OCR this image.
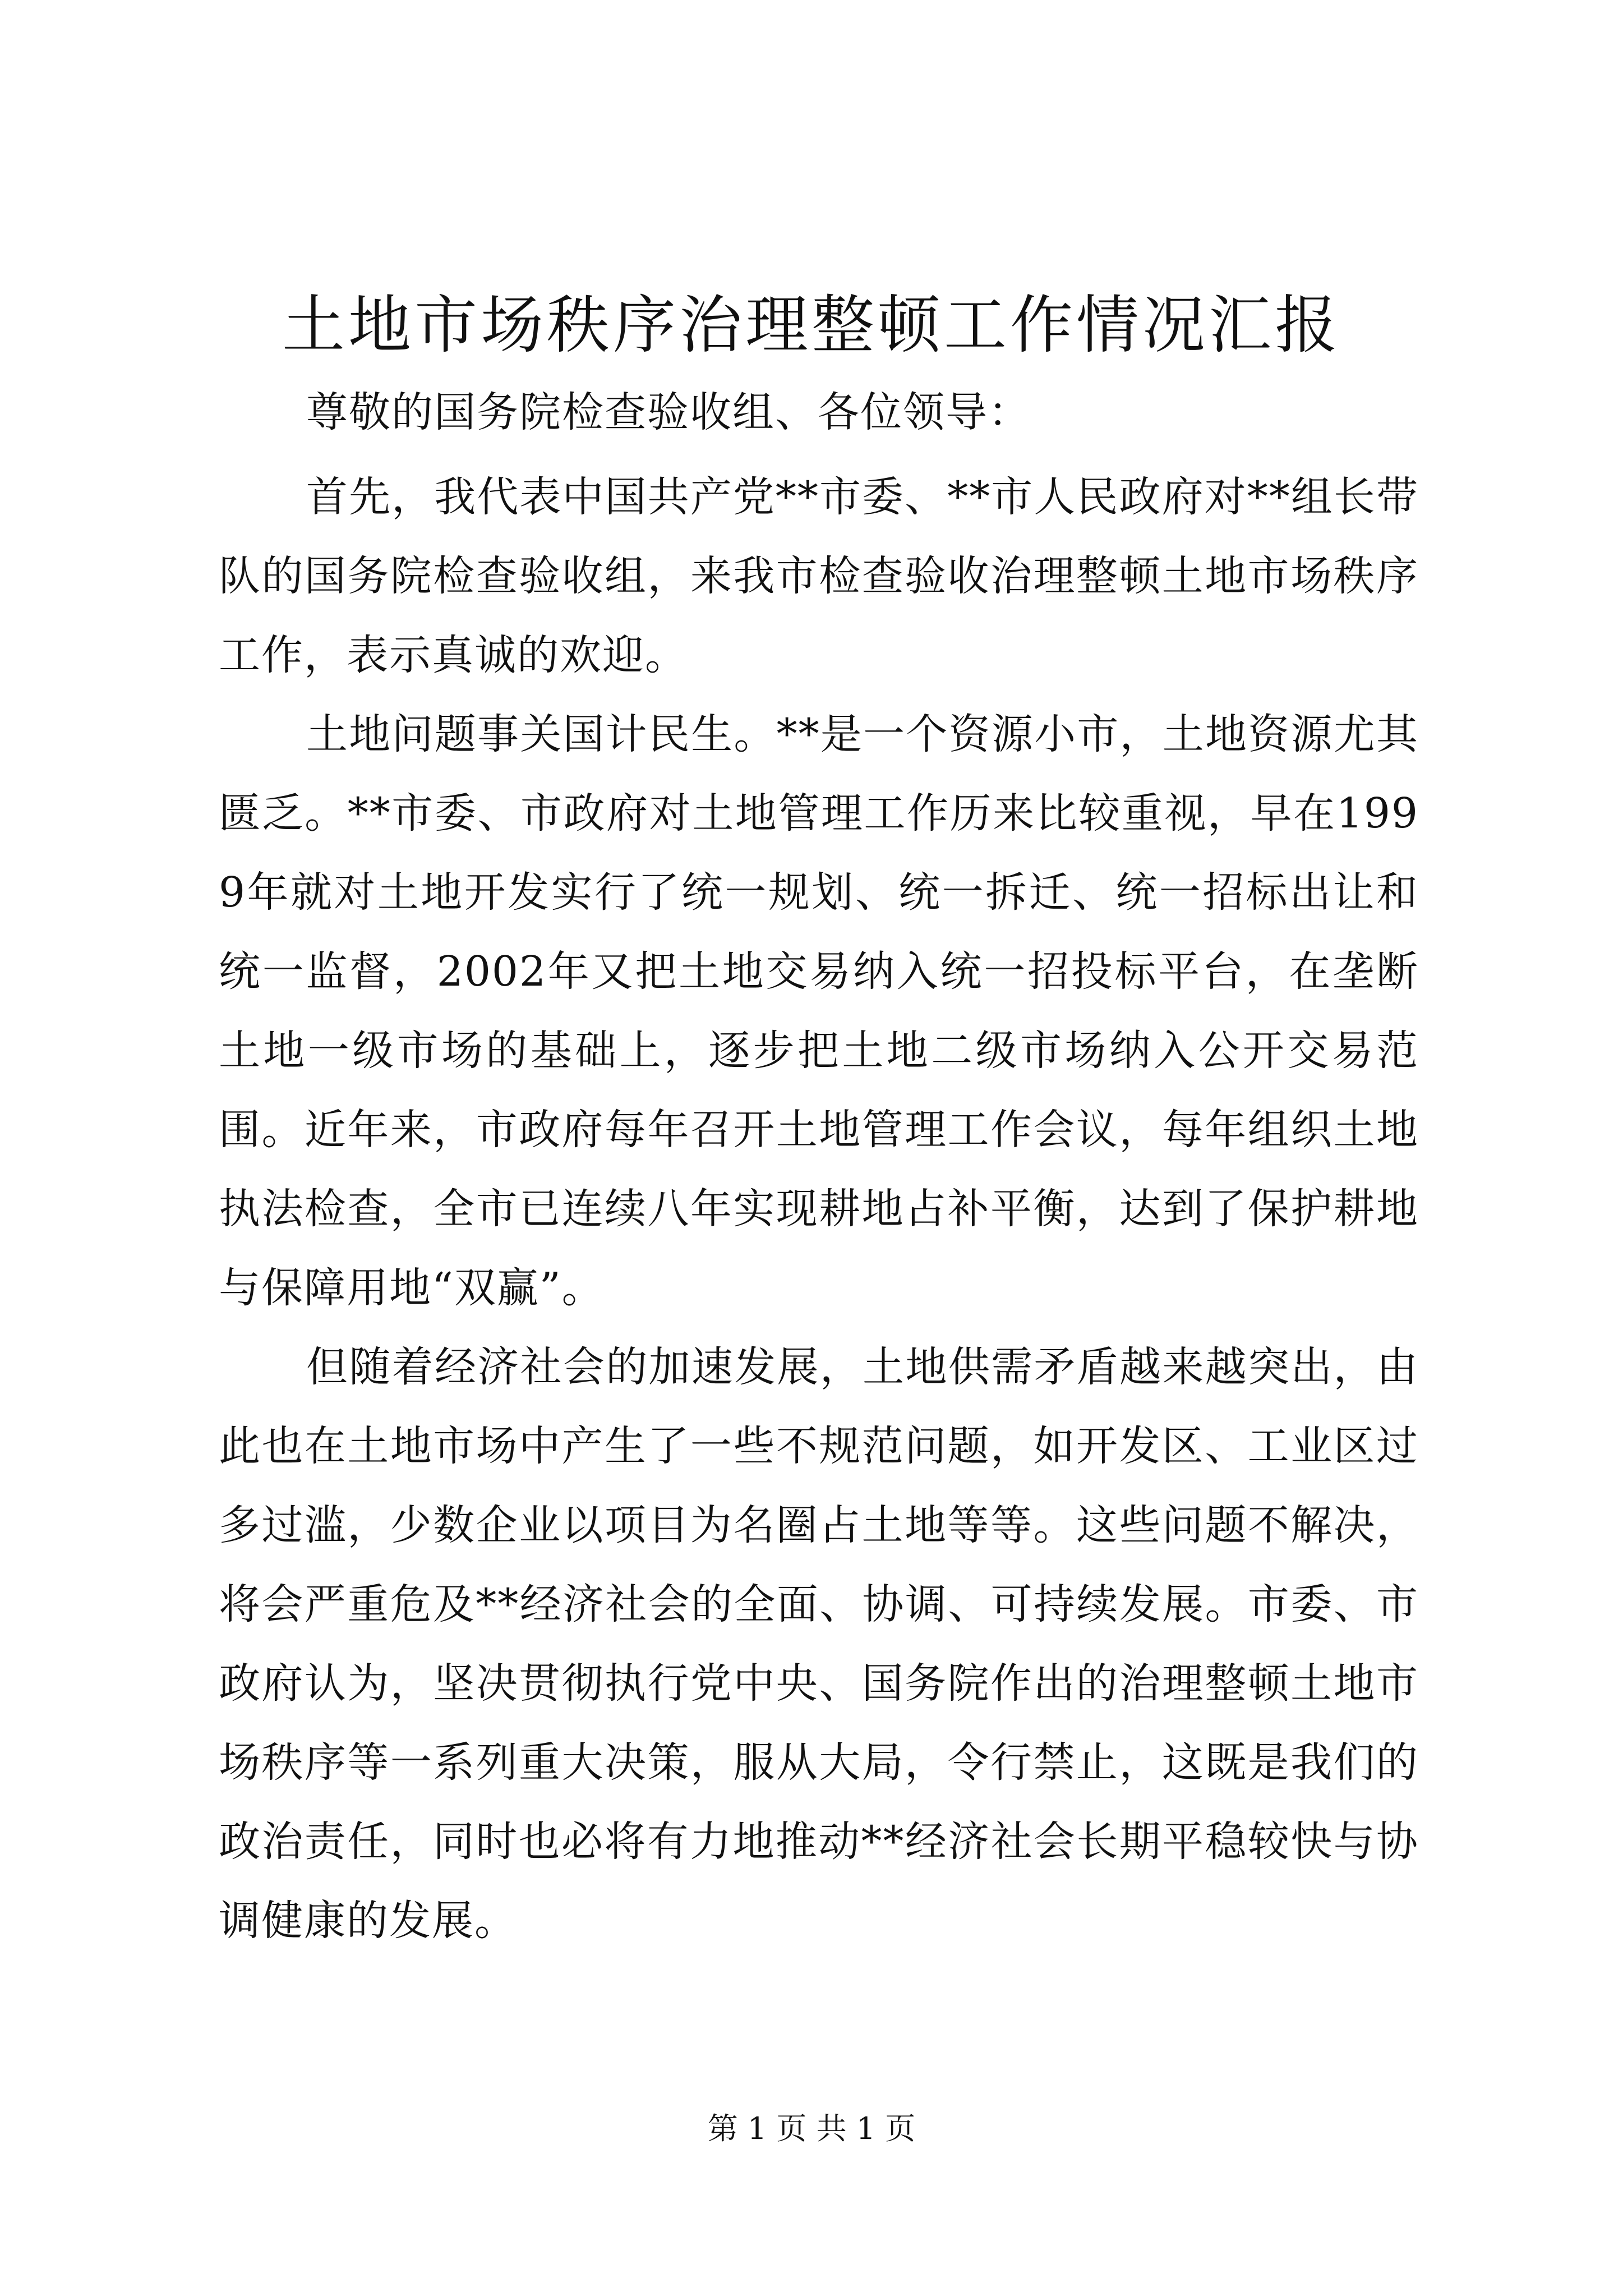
土地市场秩序治理整顿工作情况汇报

尊敬的国务院检查验收组、各位领导：

首先，我代表中国共产党**市委、**市人民政府对**组长带队的国务院检查验收组，来我市检查验收治理整顿土地市场秩序工作，表示真诚的欢迎。

土地问题事关国计民生。**是一个资源小市，土地资源尤其匮乏。**市委、市政府对土地管理工作历来比较重视，早在1999年就对土地开发实行了统一规划、统一拆迁、统一招标出让和统一监督，2002年又把土地交易纳入统一招投标平台，在垄断土地一级市场的基础上，逐步把土地二级市场纳入公开交易范围。近年来，市政府每年召开土地管理工作会议，每年组织土地执法检查，全市已连续八年实现耕地占补平衡，达到了保护耕地与保障用地“双赢”。

但随着经济社会的加速发展，土地供需矛盾越来越突出，由此也在土地市场中产生了一些不规范问题，如开发区、工业区过多过滥，少数企业以项目为名圈占土地等等。这些问题不解决，将会严重危及**经济社会的全面、协调、可持续发展。市委、市政府认为，坚决贯彻执行党中央、国务院作出的治理整顿土地市场秩序等一系列重大决策，服从大局，令行禁止，这既是我们的政治责任，同时也必将有力地推动**经济社会长期平稳较快与协调健康的发展。

第 1 页 共 1 页
